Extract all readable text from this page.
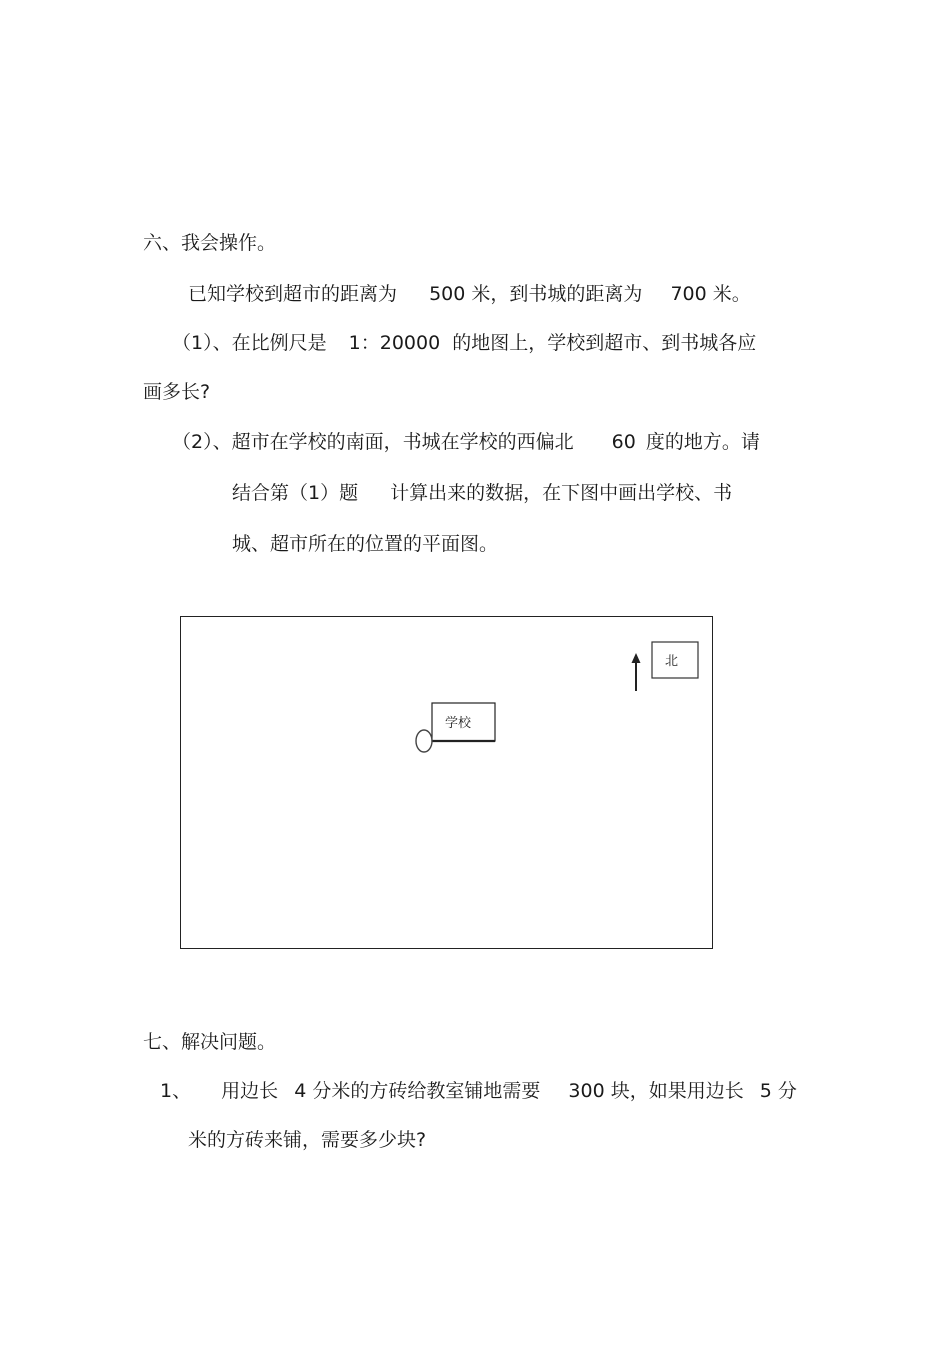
六、我会操作。
已知学校到超市的距离为 500 米，到书城的距离为 700 米。
（1）、在比例尺是 1：20000 的地图上，学校到超市、到书城各应
画多长?
（2）、超市在学校的南面，书城在学校的西偏北 60 度的地方。请
结合第（1）题 计算出来的数据，在下图中画出学校、书
城、超市所在的位置的平面图。
北
学校
七、解决问题。
1、 用边长 4 分米的方砖给教室铺地需要 300 块，如果用边长 5 分
米的方砖来铺，需要多少块?
